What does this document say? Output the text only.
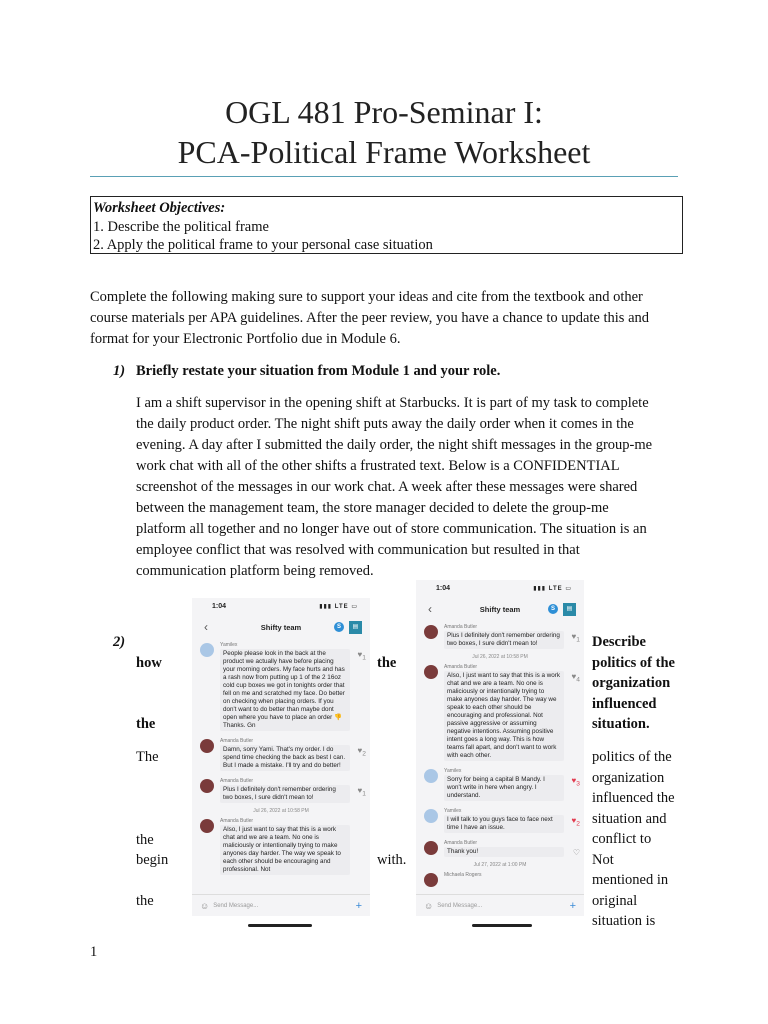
OGL 481 Pro-Seminar I:
PCA-Political Frame Worksheet
Worksheet Objectives:
1. Describe the political frame
2. Apply the political frame to your personal case situation
Complete the following making sure to support your ideas and cite from the textbook and other
course materials per APA guidelines. After the peer review, you have a chance to update this and
format for your Electronic Portfolio due in Module 6.
1) Briefly restate your situation from Module 1 and your role.
I am a shift supervisor in the opening shift at Starbucks. It is part of my task to complete
the daily product order. The night shift puts away the daily order when it comes in the
evening. A day after I submitted the daily order, the night shift messages in the group-me
work chat with all of the other shifts a frustrated text. Below is a CONFIDENTIAL
screenshot of the messages in our work chat. A week after these messages were shared
between the management team, the store manager decided to delete the group-me
platform all together and no longer have out of store communication. The situation is an
employee conflict that was resolved with communication but resulted in that
communication platform being removed.
2)
how
the
The
the
begin
the
the
with.
Describe
politics of the
organization
influenced
situation.
politics of the
organization
influenced the
situation and
conflict to
Not
mentioned in
original
situation is
1:04	▮▮▮ LTE ▭
‹	Shifty team	S	▤
Yamilex
People please look in the back at the product we actually have before placing your morning orders. My face hurts and has a rash now from putting up 1 of the 2 16oz cold cup boxes we got in tonights order that fell on me and scratched my face. Do better on checking when placing orders. If you don't want to do better than maybe dont open where you have to place an order 👎 Thanks. Gn
$♥_1$
Amanda Butler
Damn, sorry Yami. That's my order. I do spend time checking the back as best I can. But I made a mistake. I'll try and do better!
$♥_2$
Amanda Butler
Plus I definitely don't remember ordering two boxes, I sure didn't mean to!
$♥_1$
Jul 26, 2022 at 10:58 PM
Amanda Butler
Also, I just want to say that this is a work chat and we are a team. No one is maliciously or intentionally trying to make anyones day harder. The way we speak to each other should be encouraging and professional. Not
☺ Send Message...	+
1:04	▮▮▮ LTE ▭
‹	Shifty team	S	▤
Amanda Butler
Plus I definitely don't remember ordering two boxes, I sure didn't mean to!
$♥_1$
Jul 26, 2022 at 10:58 PM
Amanda Butler
Also, I just want to say that this is a work chat and we are a team. No one is maliciously or intentionally trying to make anyones day harder. The way we speak to each other should be encouraging and professional. Not passive aggressive or assuming negative intentions. Assuming positive intent goes a long way. This is how teams fall apart, and don't want to work with each other.
$♥_4$
Yamilex
Sorry for being a capital B Mandy. I won't write in here when angry. I understand.
$♥_3$
Yamilex
I will talk to you guys face to face next time I have an issue.
$♥_2$
Amanda Butler
Thank you!	♡
Jul 27, 2022 at 1:00 PM
Michaela Rogers
☺ Send Message...	+
1
